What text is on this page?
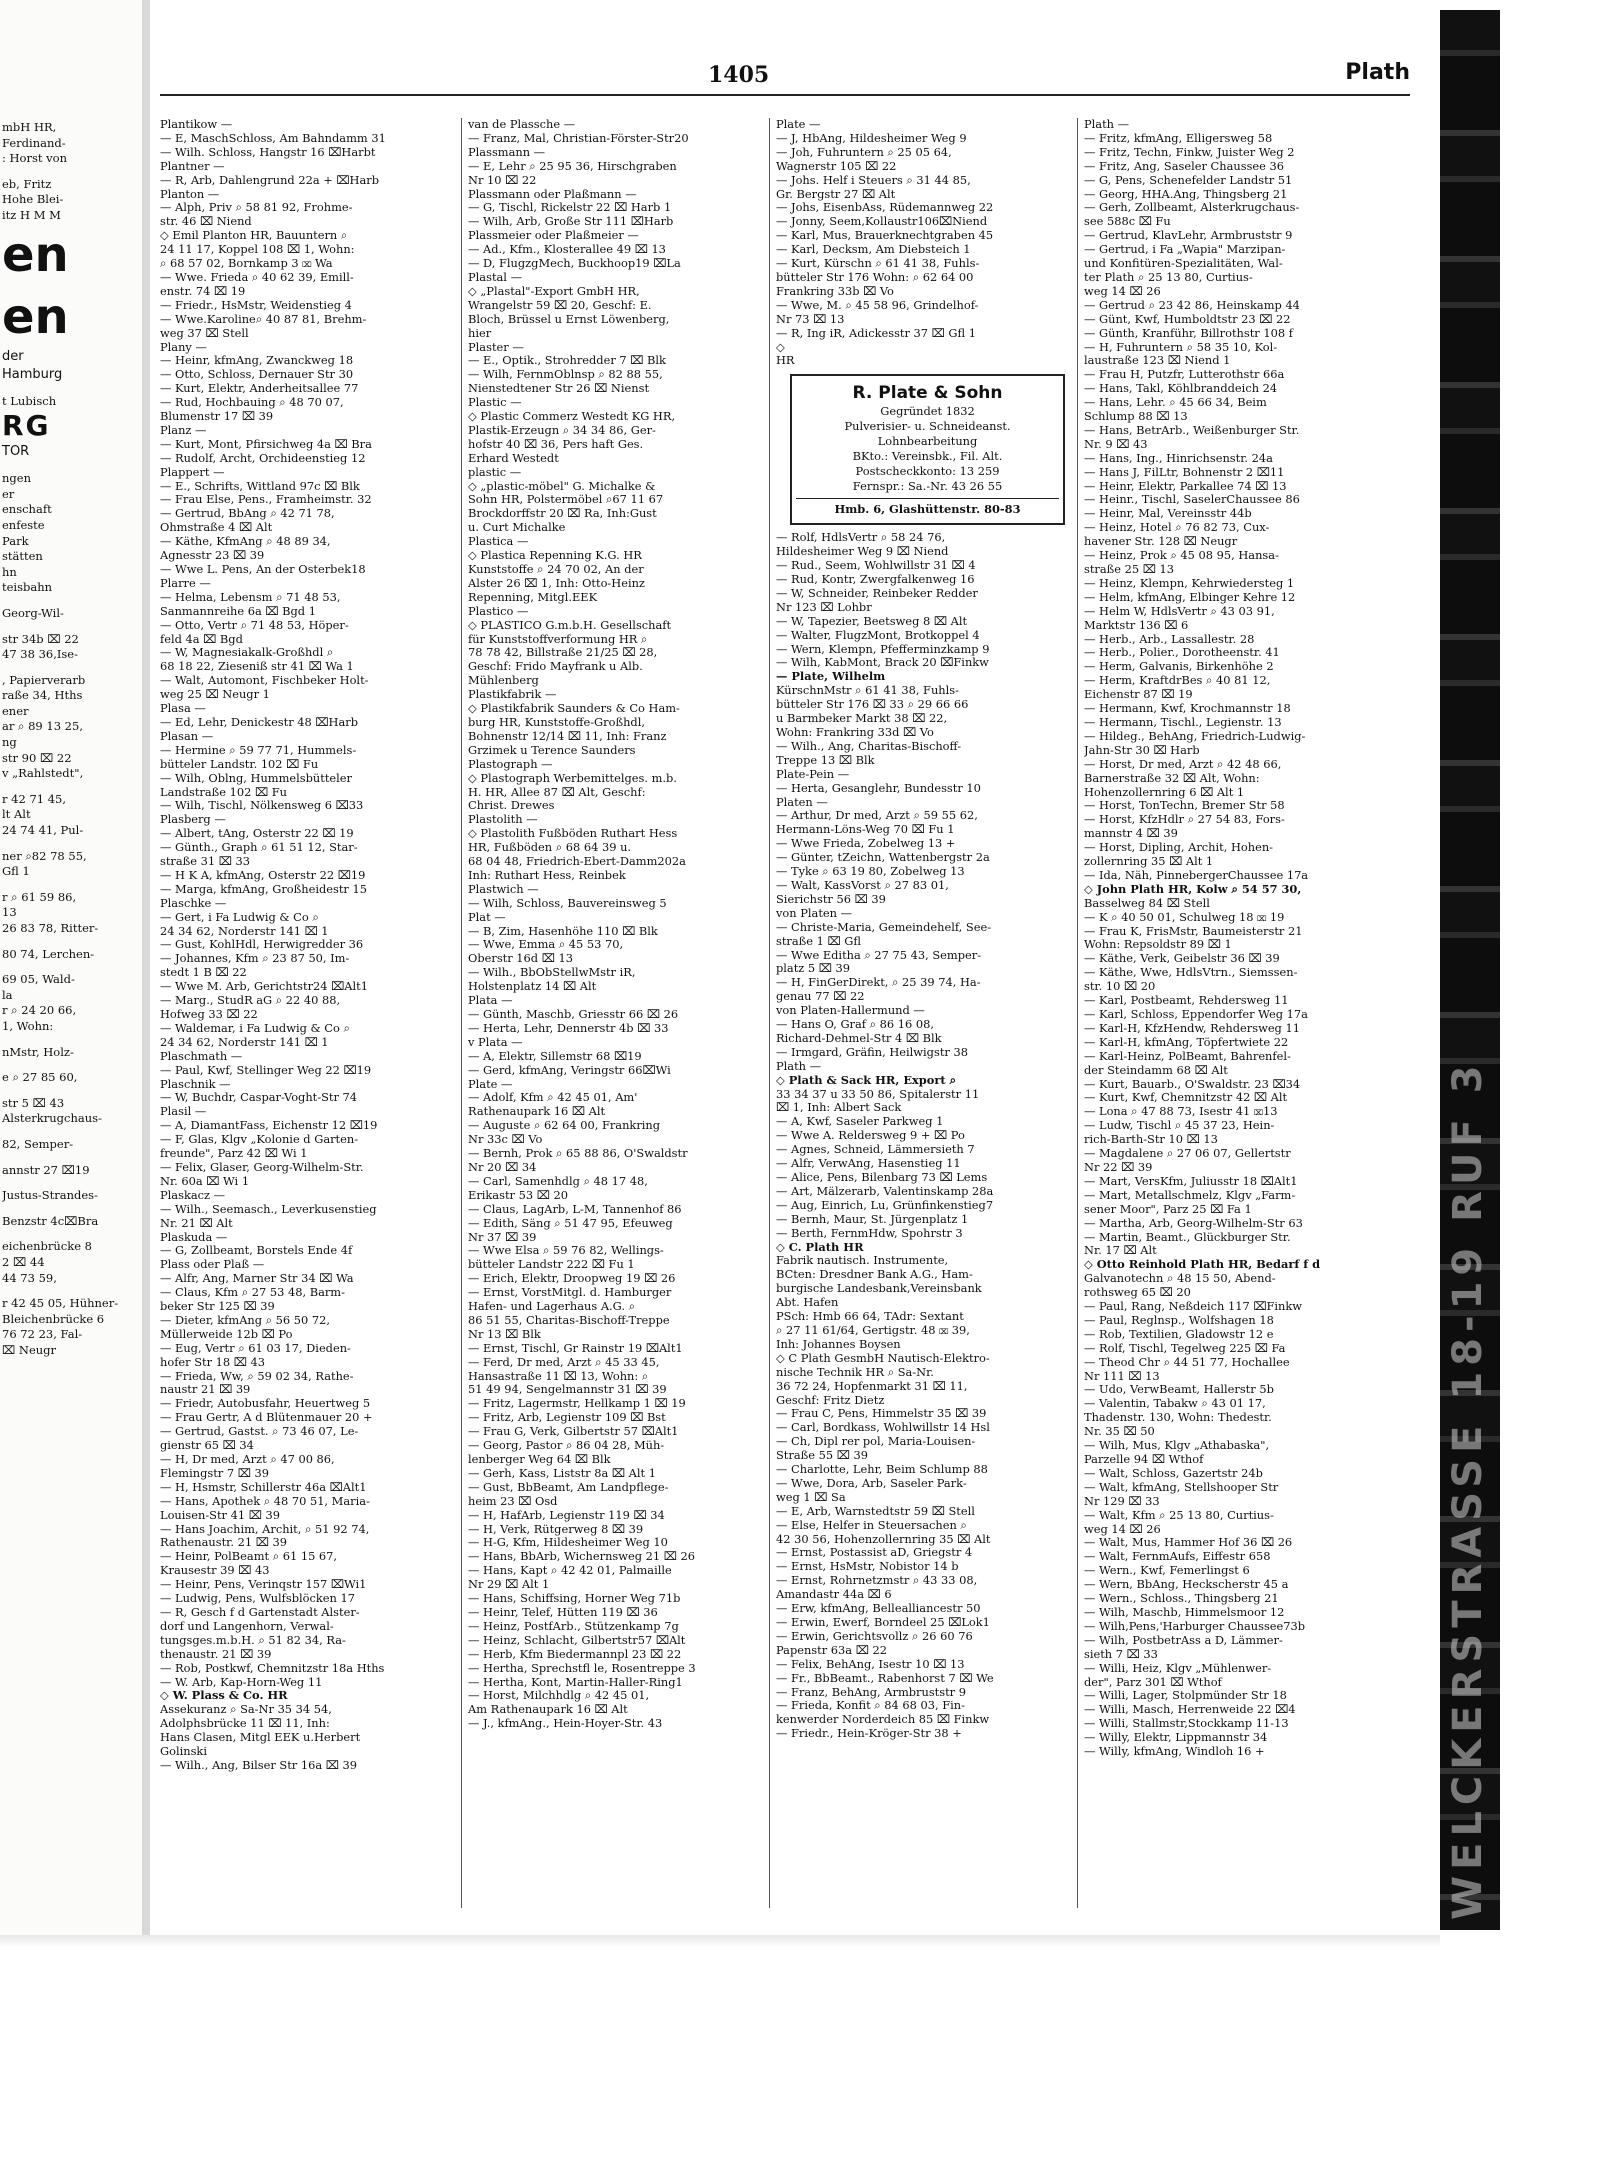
mbH HR,
Ferdinand-
: Horst von
eb, Fritz
Hohe Blei-
itz H M M
en
en
der
Hamburg
t Lubisch
RG
TOR
ngen
er
enschaft
enfeste
Park
stätten
hn
teisbahn
Georg-Wil-
str 34b ⌧ 22
47 38 36,Ise-
, Papierverarb
raße 34, Hths
ener
ar ⌕ 89 13 25,
ng
str 90 ⌧ 22
v „Rahlstedt",
r 42 71 45,
lt Alt
24 74 41, Pul-
ner ⌕82 78 55,
Gfl 1
r ⌕ 61 59 86,
13
26 83 78, Ritter-
80 74, Lerchen-
69 05, Wald-
la
r ⌕ 24 20 66,
1, Wohn:
nMstr, Holz-
e ⌕ 27 85 60,
str 5 ⌧ 43
Alsterkrugchaus-
82, Semper-
annstr 27 ⌧19
Justus-Strandes-
Benzstr 4c⌧Bra
eichenbrücke 8
2 ⌧ 44
44 73 59,
r 42 45 05, Hühner-
Bleichenbrücke 6
76 72 23, Fal-
⌧ Neugr
1405	Plath
Plantikow —
— E, MaschSchloss, Am Bahndamm 31
— Wilh. Schloss, Hangstr 16 ⌧Harbt
Plantner —
— R, Arb, Dahlengrund 22a + ⌧Harb
Planton —
— Alph, Priv ⌕ 58 81 92, Frohme-
str. 46 ⌧ Niend
◇ Emil Planton HR, Bauuntern ⌕
24 11 17, Koppel 108 ⌧ 1, Wohn:
⌕ 68 57 02, Bornkamp 3 ⌧ Wa
— Wwe. Frieda ⌕ 40 62 39, Emill-
enstr. 74 ⌧ 19
— Friedr., HsMstr, Weidenstieg 4
— Wwe.Karoline⌕ 40 87 81, Brehm-
weg 37 ⌧ Stell
Plany —
— Heinr, kfmAng, Zwanckweg 18
— Otto, Schloss, Dernauer Str 30
— Kurt, Elektr, Anderheitsallee 77
— Rud, Hochbauing ⌕ 48 70 07,
Blumenstr 17 ⌧ 39
Planz —
— Kurt, Mont, Pfirsichweg 4a ⌧ Bra
— Rudolf, Archt, Orchideenstieg 12
Plappert —
— E., Schrifts, Wittland 97c ⌧ Blk
— Frau Else, Pens., Framheimstr. 32
— Gertrud, BbAng ⌕ 42 71 78,
Ohmstraße 4 ⌧ Alt
— Käthe, KfmAng ⌕ 48 89 34,
Agnesstr 23 ⌧ 39
— Wwe L. Pens, An der Osterbek18
Plarre —
— Helma, Lebensm ⌕ 71 48 53,
Sanmannreihe 6a ⌧ Bgd 1
— Otto, Vertr ⌕ 71 48 53, Höper-
feld 4a ⌧ Bgd
— W, Magnesiakalk-Großhdl ⌕
68 18 22, Zieseniß str 41 ⌧ Wa 1
— Walt, Automont, Fischbeker Holt-
weg 25 ⌧ Neugr 1
Plasa —
— Ed, Lehr, Denickestr 48 ⌧Harb
Plasan —
— Hermine ⌕ 59 77 71, Hummels-
bütteler Landstr. 102 ⌧ Fu
— Wilh, Oblng, Hummelsbütteler
Landstraße 102 ⌧ Fu
— Wilh, Tischl, Nölkensweg 6 ⌧33
Plasberg —
— Albert, tAng, Osterstr 22 ⌧ 19
— Günth., Graph ⌕ 61 51 12, Star-
straße 31 ⌧ 33
— H K A, kfmAng, Osterstr 22 ⌧19
— Marga, kfmAng, Großheidestr 15
Plaschke —
— Gert, i Fa Ludwig & Co ⌕
24 34 62, Norderstr 141 ⌧ 1
— Gust, KohlHdl, Herwigredder 36
— Johannes, Kfm ⌕ 23 87 50, Im-
stedt 1 B ⌧ 22
— Wwe M. Arb, Gerichtstr24 ⌧Alt1
— Marg., StudR aG ⌕ 22 40 88,
Hofweg 33 ⌧ 22
— Waldemar, i Fa Ludwig & Co ⌕
24 34 62, Norderstr 141 ⌧ 1
Plaschmath —
— Paul, Kwf, Stellinger Weg 22 ⌧19
Plaschnik —
— W, Buchdr, Caspar-Voght-Str 74
Plasil —
— A, DiamantFass, Eichenstr 12 ⌧19
— F, Glas, Klgv „Kolonie d Garten-
freunde", Parz 42 ⌧ Wi 1
— Felix, Glaser, Georg-Wilhelm-Str.
Nr. 60a ⌧ Wi 1
Plaskacz —
— Wilh., Seemasch., Leverkusenstieg
Nr. 21 ⌧ Alt
Plaskuda —
— G, Zollbeamt, Borstels Ende 4f
Plass oder Plaß —
— Alfr, Ang, Marner Str 34 ⌧ Wa
— Claus, Kfm ⌕ 27 53 48, Barm-
beker Str 125 ⌧ 39
— Dieter, kfmAng ⌕ 56 50 72,
Müllerweide 12b ⌧ Po
— Eug, Vertr ⌕ 61 03 17, Dieden-
hofer Str 18 ⌧ 43
— Frieda, Ww, ⌕ 59 02 34, Rathe-
naustr 21 ⌧ 39
— Friedr, Autobusfahr, Heuertweg 5
— Frau Gertr, A d Blütenmauer 20 +
— Gertrud, Gastst. ⌕ 73 46 07, Le-
gienstr 65 ⌧ 34
— H, Dr med, Arzt ⌕ 47 00 86,
Flemingstr 7 ⌧ 39
— H, Hsmstr, Schillerstr 46a ⌧Alt1
— Hans, Apothek ⌕ 48 70 51, Maria-
Louisen-Str 41 ⌧ 39
— Hans Joachim, Archit, ⌕ 51 92 74,
Rathenaustr. 21 ⌧ 39
— Heinr, PolBeamt ⌕ 61 15 67,
Krausestr 39 ⌧ 43
— Heinr, Pens, Verinqstr 157 ⌧Wi1
— Ludwig, Pens, Wulfsblöcken 17
— R, Gesch f d Gartenstadt Alster-
dorf und Langenhorn, Verwal-
tungsges.m.b.H. ⌕ 51 82 34, Ra-
thenaustr. 21 ⌧ 39
— Rob, Postkwf, Chemnitzstr 18a Hths
— W. Arb, Kap-Horn-Weg 11
◇ W. Plass & Co. HR
Assekuranz ⌕ Sa-Nr 35 34 54,
Adolphsbrücke 11 ⌧ 11, Inh:
Hans Clasen, Mitgl EEK u.Herbert
Golinski
— Wilh., Ang, Bilser Str 16a ⌧ 39
van de Plassche —
— Franz, Mal, Christian-Förster-Str20
Plassmann —
— E, Lehr ⌕ 25 95 36, Hirschgraben
Nr 10 ⌧ 22
Plassmann oder Plaßmann —
— G, Tischl, Rickelstr 22 ⌧ Harb 1
— Wilh, Arb, Große Str 111 ⌧Harb
Plassmeier oder Plaßmeier —
— Ad., Kfm., Klosterallee 49 ⌧ 13
— D, FlugzgMech, Buckhoop19 ⌧La
Plastal —
◇ „Plastal"-Export GmbH HR,
Wrangelstr 59 ⌧ 20, Geschf: E.
Bloch, Brüssel u Ernst Löwenberg,
hier
Plaster —
— E., Optik., Strohredder 7 ⌧ Blk
— Wilh, FernmOblnsp ⌕ 82 88 55,
Nienstedtener Str 26 ⌧ Nienst
Plastic —
◇ Plastic Commerz Westedt KG HR,
Plastik-Erzeugn ⌕ 34 34 86, Ger-
hofstr 40 ⌧ 36, Pers haft Ges.
Erhard Westedt
plastic —
◇ „plastic-möbel" G. Michalke &
Sohn HR, Polstermöbel ⌕67 11 67
Brockdorffstr 20 ⌧ Ra, Inh:Gust
u. Curt Michalke
Plastica —
◇ Plastica Repenning K.G. HR
Kunststoffe ⌕ 24 70 02, An der
Alster 26 ⌧ 1, Inh: Otto-Heinz
Repenning, Mitgl.EEK
Plastico —
◇ PLASTICO G.m.b.H. Gesellschaft
für Kunststoffverformung HR ⌕
78 78 42, Billstraße 21/25 ⌧ 28,
Geschf: Frido Mayfrank u Alb.
Mühlenberg
Plastikfabrik —
◇ Plastikfabrik Saunders & Co Ham-
burg HR, Kunststoffe-Großhdl,
Bohnenstr 12/14 ⌧ 11, Inh: Franz
Grzimek u Terence Saunders
Plastograph —
◇ Plastograph Werbemittelges. m.b.
H. HR, Allee 87 ⌧ Alt, Geschf:
Christ. Drewes
Plastolith —
◇ Plastolith Fußböden Ruthart Hess
HR, Fußböden ⌕ 68 64 39 u.
68 04 48, Friedrich-Ebert-Damm202a
Inh: Ruthart Hess, Reinbek
Plastwich —
— Wilh, Schloss, Bauvereinsweg 5
Plat —
— B, Zim, Hasenhöhe 110 ⌧ Blk
— Wwe, Emma ⌕ 45 53 70,
Oberstr 16d ⌧ 13
— Wilh., BbObStellwMstr iR,
Holstenplatz 14 ⌧ Alt
Plata —
— Günth, Maschb, Griesstr 66 ⌧ 26
— Herta, Lehr, Dennerstr 4b ⌧ 33
v Plata —
— A, Elektr, Sillemstr 68 ⌧19
— Gerd, kfmAng, Veringstr 66⌧Wi
Plate —
— Adolf, Kfm ⌕ 42 45 01, Am'
Rathenaupark 16 ⌧ Alt
— Auguste ⌕ 62 64 00, Frankring
Nr 33c ⌧ Vo
— Bernh, Prok ⌕ 65 88 86, O'Swaldstr
Nr 20 ⌧ 34
— Carl, Samenhdlg ⌕ 48 17 48,
Erikastr 53 ⌧ 20
— Claus, LagArb, L-M, Tannenhof 86
— Edith, Säng ⌕ 51 47 95, Efeuweg
Nr 37 ⌧ 39
— Wwe Elsa ⌕ 59 76 82, Wellings-
bütteler Landstr 222 ⌧ Fu 1
— Erich, Elektr, Droopweg 19 ⌧ 26
— Ernst, VorstMitgl. d. Hamburger
Hafen- und Lagerhaus A.G. ⌕
86 51 55, Charitas-Bischoff-Treppe
Nr 13 ⌧ Blk
— Ernst, Tischl, Gr Rainstr 19 ⌧Alt1
— Ferd, Dr med, Arzt ⌕ 45 33 45,
Hansastraße 11 ⌧ 13, Wohn: ⌕
51 49 94, Sengelmannstr 31 ⌧ 39
— Fritz, Lagermstr, Hellkamp 1 ⌧ 19
— Fritz, Arb, Legienstr 109 ⌧ Bst
— Frau G, Verk, Gilbertstr 57 ⌧Alt1
— Georg, Pastor ⌕ 86 04 28, Müh-
lenberger Weg 64 ⌧ Blk
— Gerh, Kass, Liststr 8a ⌧ Alt 1
— Gust, BbBeamt, Am Landpflege-
heim 23 ⌧ Osd
— H, HafArb, Legienstr 119 ⌧ 34
— H, Verk, Rütgerweg 8 ⌧ 39
— H-G, Kfm, Hildesheimer Weg 10
— Hans, BbArb, Wichernsweg 21 ⌧ 26
— Hans, Kapt ⌕ 42 42 01, Palmaille
Nr 29 ⌧ Alt 1
— Hans, Schiffsing, Horner Weg 71b
— Heinr, Telef, Hütten 119 ⌧ 36
— Heinz, PostfArb., Stützenkamp 7g
— Heinz, Schlacht, Gilbertstr57 ⌧Alt
— Herb, Kfm Biedermannpl 23 ⌧ 22
— Hertha, Sprechstfl le, Rosentreppe 3
— Hertha, Kont, Martin-Haller-Ring1
— Horst, Milchhdlg ⌕ 42 45 01,
Am Rathenaupark 16 ⌧ Alt
— J., kfmAng., Hein-Hoyer-Str. 43
Plate —
— J, HbAng, Hildesheimer Weg 9
— Joh, Fuhruntern ⌕ 25 05 64,
Wagnerstr 105 ⌧ 22
— Johs. Helf i Steuers ⌕ 31 44 85,
Gr. Bergstr 27 ⌧ Alt
— Johs, EisenbAss, Rüdemannweg 22
— Jonny, Seem,Kollaustr106⌧Niend
— Karl, Mus, Brauerknechtgraben 45
— Karl, Decksm, Am Diebsteich 1
— Kurt, Kürschn ⌕ 61 41 38, Fuhls-
bütteler Str 176 Wohn: ⌕ 62 64 00
Frankring 33b ⌧ Vo
— Wwe, M. ⌕ 45 58 96, Grindelhof-
Nr 73 ⌧ 13
— R, Ing iR, Adickesstr 37 ⌧ Gfl 1
◇
HR
R. Plate & Sohn
Gegründet 1832
Pulverisier- u. Schneideanst.
Lohnbearbeitung
BKto.: Vereinsbk., Fil. Alt.
Postscheckkonto: 13 259
Fernspr.: Sa.-Nr. 43 26 55
Hmb. 6, Glashüttenstr. 80-83
— Rolf, HdlsVertr ⌕ 58 24 76,
Hildesheimer Weg 9 ⌧ Niend
— Rud., Seem, Wohlwillstr 31 ⌧ 4
— Rud, Kontr, Zwergfalkenweg 16
— W, Schneider, Reinbeker Redder
Nr 123 ⌧ Lohbr
— W, Tapezier, Beetsweg 8 ⌧ Alt
— Walter, FlugzMont, Brotkoppel 4
— Wern, Klempn, Pfefferminzkamp 9
— Wilh, KabMont, Brack 20 ⌧Finkw
— Plate, Wilhelm
KürschnMstr ⌕ 61 41 38, Fuhls-
bütteler Str 176 ⌧ 33 ⌕ 29 66 66
u Barmbeker Markt 38 ⌧ 22,
Wohn: Frankring 33d ⌧ Vo
— Wilh., Ang, Charitas-Bischoff-
Treppe 13 ⌧ Blk
Plate-Pein —
— Herta, Gesanglehr, Bundesstr 10
Platen —
— Arthur, Dr med, Arzt ⌕ 59 55 62,
Hermann-Löns-Weg 70 ⌧ Fu 1
— Wwe Frieda, Zobelweg 13 +
— Günter, tZeichn, Wattenbergstr 2a
— Tyke ⌕ 63 19 80, Zobelweg 13
— Walt, KassVorst ⌕ 27 83 01,
Sierichstr 56 ⌧ 39
von Platen —
— Christe-Maria, Gemeindehelf, See-
straße 1 ⌧ Gfl
— Wwe Editha ⌕ 27 75 43, Semper-
platz 5 ⌧ 39
— H, FinGerDirekt, ⌕ 25 39 74, Ha-
genau 77 ⌧ 22
von Platen-Hallermund —
— Hans O, Graf ⌕ 86 16 08,
Richard-Dehmel-Str 4 ⌧ Blk
— Irmgard, Gräfin, Heilwigstr 38
Plath —
◇ Plath & Sack HR, Export ⌕
33 34 37 u 33 50 86, Spitalerstr 11
⌧ 1, Inh: Albert Sack
— A, Kwf, Saseler Parkweg 1
— Wwe A. Reldersweg 9 + ⌧ Po
— Agnes, Schneid, Lämmersieth 7
— Alfr, VerwAng, Hasenstieg 11
— Alice, Pens, Bilenbarg 73 ⌧ Lems
— Art, Mälzerarb, Valentinskamp 28a
— Aug, Einrich, Lu, Grünfinkenstieg7
— Bernh, Maur, St. Jürgenplatz 1
— Berth, FernmHdw, Spohrstr 3
◇ C. Plath HR
Fabrik nautisch. Instrumente,
BCten: Dresdner Bank A.G., Ham-
burgische Landesbank,Vereinsbank
Abt. Hafen
PSch: Hmb 66 64, TAdr: Sextant
⌕ 27 11 61/64, Gertigstr. 48 ⌧ 39,
Inh: Johannes Boysen
◇ C Plath GesmbH Nautisch-Elektro-
nische Technik HR ⌕ Sa-Nr.
36 72 24, Hopfenmarkt 31 ⌧ 11,
Geschf: Fritz Dietz
— Frau C, Pens, Himmelstr 35 ⌧ 39
— Carl, Bordkass, Wohlwillstr 14 Hsl
— Ch, Dipl rer pol, Maria-Louisen-
Straße 55 ⌧ 39
— Charlotte, Lehr, Beim Schlump 88
— Wwe, Dora, Arb, Saseler Park-
weg 1 ⌧ Sa
— E, Arb, Warnstedtstr 59 ⌧ Stell
— Else, Helfer in Steuersachen ⌕
42 30 56, Hohenzollernring 35 ⌧ Alt
— Ernst, Postassist aD, Griegstr 4
— Ernst, HsMstr, Nobistor 14 b
— Ernst, Rohrnetzmstr ⌕ 43 33 08,
Amandastr 44a ⌧ 6
— Erw, kfmAng, Bellealliancestr 50
— Erwin, Ewerf, Borndeel 25 ⌧Lok1
— Erwin, Gerichtsvollz ⌕ 26 60 76
Papenstr 63a ⌧ 22
— Felix, BehAng, Isestr 10 ⌧ 13
— Fr., BbBeamt., Rabenhorst 7 ⌧ We
— Franz, BehAng, Armbruststr 9
— Frieda, Konfit ⌕ 84 68 03, Fin-
kenwerder Norderdeich 85 ⌧ Finkw
— Friedr., Hein-Kröger-Str 38 +
Plath —
— Fritz, kfmAng, Elligersweg 58
— Fritz, Techn, Finkw, Juister Weg 2
— Fritz, Ang, Saseler Chaussee 36
— G, Pens, Schenefelder Landstr 51
— Georg, HHA.Ang, Thingsberg 21
— Gerh, Zollbeamt, Alsterkrugchaus-
see 588c ⌧ Fu
— Gertrud, KlavLehr, Armbruststr 9
— Gertrud, i Fa „Wapia" Marzipan-
und Konfitüren-Spezialitäten, Wal-
ter Plath ⌕ 25 13 80, Curtius-
weg 14 ⌧ 26
— Gertrud ⌕ 23 42 86, Heinskamp 44
— Günt, Kwf, Humboldtstr 23 ⌧ 22
— Günth, Kranführ, Billrothstr 108 f
— H, Fuhruntern ⌕ 58 35 10, Kol-
laustraße 123 ⌧ Niend 1
— Frau H, Putzfr, Lutterothstr 66a
— Hans, Takl, Köhlbranddeich 24
— Hans, Lehr. ⌕ 45 66 34, Beim
Schlump 88 ⌧ 13
— Hans, BetrArb., Weißenburger Str.
Nr. 9 ⌧ 43
— Hans, Ing., Hinrichsenstr. 24a
— Hans J, FilLtr, Bohnenstr 2 ⌧11
— Heinr, Elektr, Parkallee 74 ⌧ 13
— Heinr., Tischl, SaselerChaussee 86
— Heinr, Mal, Vereinsstr 44b
— Heinz, Hotel ⌕ 76 82 73, Cux-
havener Str. 128 ⌧ Neugr
— Heinz, Prok ⌕ 45 08 95, Hansa-
straße 25 ⌧ 13
— Heinz, Klempn, Kehrwiedersteg 1
— Helm, kfmAng, Elbinger Kehre 12
— Helm W, HdlsVertr ⌕ 43 03 91,
Marktstr 136 ⌧ 6
— Herb., Arb., Lassallestr. 28
— Herb., Polier., Dorotheenstr. 41
— Herm, Galvanis, Birkenhöhe 2
— Herm, KraftdrBes ⌕ 40 81 12,
Eichenstr 87 ⌧ 19
— Hermann, Kwf, Krochmannstr 18
— Hermann, Tischl., Legienstr. 13
— Hildeg., BehAng, Friedrich-Ludwig-
Jahn-Str 30 ⌧ Harb
— Horst, Dr med, Arzt ⌕ 42 48 66,
Barnerstraße 32 ⌧ Alt, Wohn:
Hohenzollernring 6 ⌧ Alt 1
— Horst, TonTechn, Bremer Str 58
— Horst, KfzHdlr ⌕ 27 54 83, Fors-
mannstr 4 ⌧ 39
— Horst, Dipling, Archit, Hohen-
zollernring 35 ⌧ Alt 1
— Ida, Näh, PinnebergerChaussee 17a
◇ John Plath HR, Kolw ⌕ 54 57 30,
Basselweg 84 ⌧ Stell
— K ⌕ 40 50 01, Schulweg 18 ⌧ 19
— Frau K, FrisMstr, Baumeisterstr 21
Wohn: Repsoldstr 89 ⌧ 1
— Käthe, Verk, Geibelstr 36 ⌧ 39
— Käthe, Wwe, HdlsVtrn., Siemssen-
str. 10 ⌧ 20
— Karl, Postbeamt, Rehdersweg 11
— Karl, Schloss, Eppendorfer Weg 17a
— Karl-H, KfzHendw, Rehdersweg 11
— Karl-H, kfmAng, Töpfertwiete 22
— Karl-Heinz, PolBeamt, Bahrenfel-
der Steindamm 68 ⌧ Alt
— Kurt, Bauarb., O'Swaldstr. 23 ⌧34
— Kurt, Kwf, Chemnitzstr 42 ⌧ Alt
— Lona ⌕ 47 88 73, Isestr 41 ⌧13
— Ludw, Tischl ⌕ 45 37 23, Hein-
rich-Barth-Str 10 ⌧ 13
— Magdalene ⌕ 27 06 07, Gellertstr
Nr 22 ⌧ 39
— Mart, VersKfm, Juliusstr 18 ⌧Alt1
— Mart, Metallschmelz, Klgv „Farm-
sener Moor", Parz 25 ⌧ Fa 1
— Martha, Arb, Georg-Wilhelm-Str 63
— Martin, Beamt., Glückburger Str.
Nr. 17 ⌧ Alt
◇ Otto Reinhold Plath HR, Bedarf f d
Galvanotechn ⌕ 48 15 50, Abend-
rothsweg 65 ⌧ 20
— Paul, Rang, Neßdeich 117 ⌧Finkw
— Paul, Reglnsp., Wolfshagen 18
— Rob, Textilien, Gladowstr 12 e
— Rolf, Tischl, Tegelweg 225 ⌧ Fa
— Theod Chr ⌕ 44 51 77, Hochallee
Nr 111 ⌧ 13
— Udo, VerwBeamt, Hallerstr 5b
— Valentin, Tabakw ⌕ 43 01 17,
Thadenstr. 130, Wohn: Thedestr.
Nr. 35 ⌧ 50
— Wilh, Mus, Klgv „Athabaska",
Parzelle 94 ⌧ Wthof
— Walt, Schloss, Gazertstr 24b
— Walt, kfmAng, Stellshooper Str
Nr 129 ⌧ 33
— Walt, Kfm ⌕ 25 13 80, Curtius-
weg 14 ⌧ 26
— Walt, Mus, Hammer Hof 36 ⌧ 26
— Walt, FernmAufs, Eiffestr 658
— Wern., Kwf, Femerlingst 6
— Wern, BbAng, Heckscherstr 45 a
— Wern., Schloss., Thingsberg 21
— Wilh, Maschb, Himmelsmoor 12
— Wilh,Pens,'Harburger Chaussee73b
— Wilh, PostbetrAss a D, Lämmer-
sieth 7 ⌧ 33
— Willi, Heiz, Klgv „Mühlenwer-
der", Parz 301 ⌧ Wthof
— Willi, Lager, Stolpmünder Str 18
— Willi, Masch, Herrenweide 22 ⌧4
— Willi, Stallmstr,Stockkamp 11-13
— Willy, Elektr, Lippmannstr 34
— Willy, kfmAng, Windloh 16 +	WELCKERSTRASSE 18-19 RUF 3
